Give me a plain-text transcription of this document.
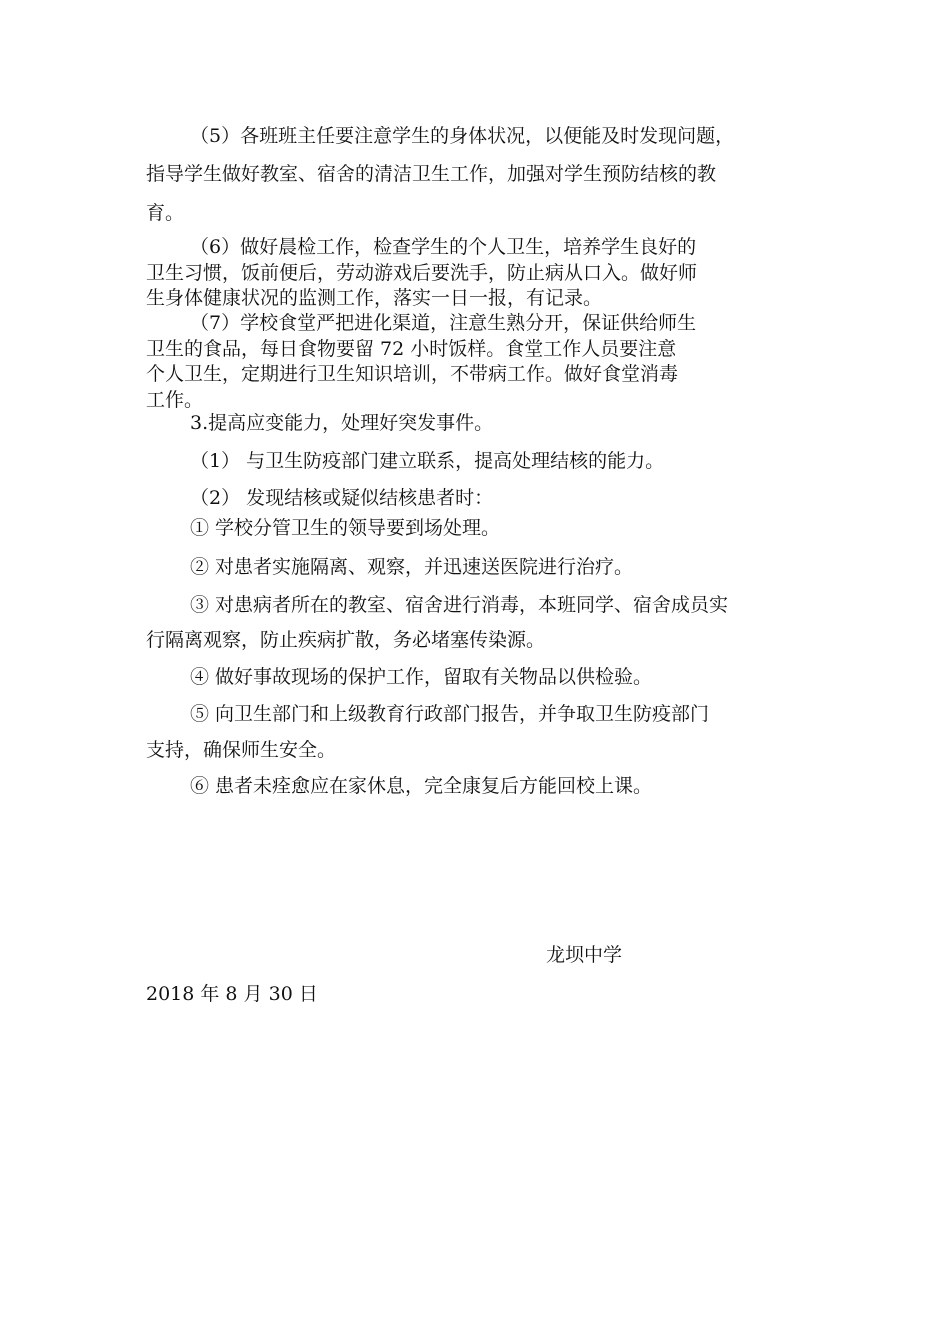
（5）各班班主任要注意学生的身体状况，以便能及时发现问题，
指导学生做好教室、宿舍的清洁卫生工作，加强对学生预防结核的教
育。
（6）做好晨检工作，检查学生的个人卫生，培养学生良好的
卫生习惯，饭前便后，劳动游戏后要洗手，防止病从口入。做好师
生身体健康状况的监测工作，落实一日一报，有记录。
（7）学校食堂严把进化渠道，注意生熟分开，保证供给师生
卫生的食品，每日食物要留 72 小时饭样。食堂工作人员要注意
个人卫生，定期进行卫生知识培训，不带病工作。做好食堂消毒
工作。
3.提高应变能力，处理好突发事件。
（1） 与卫生防疫部门建立联系，提高处理结核的能力。
（2） 发现结核或疑似结核患者时：
① 学校分管卫生的领导要到场处理。
② 对患者实施隔离、观察，并迅速送医院进行治疗。
③ 对患病者所在的教室、宿舍进行消毒，本班同学、宿舍成员实
行隔离观察，防止疾病扩散，务必堵塞传染源。
④ 做好事故现场的保护工作，留取有关物品以供检验。
⑤ 向卫生部门和上级教育行政部门报告，并争取卫生防疫部门
支持，确保师生安全。
⑥ 患者未痊愈应在家休息，完全康复后方能回校上课。
龙坝中学
2018 年 8 月 30 日
